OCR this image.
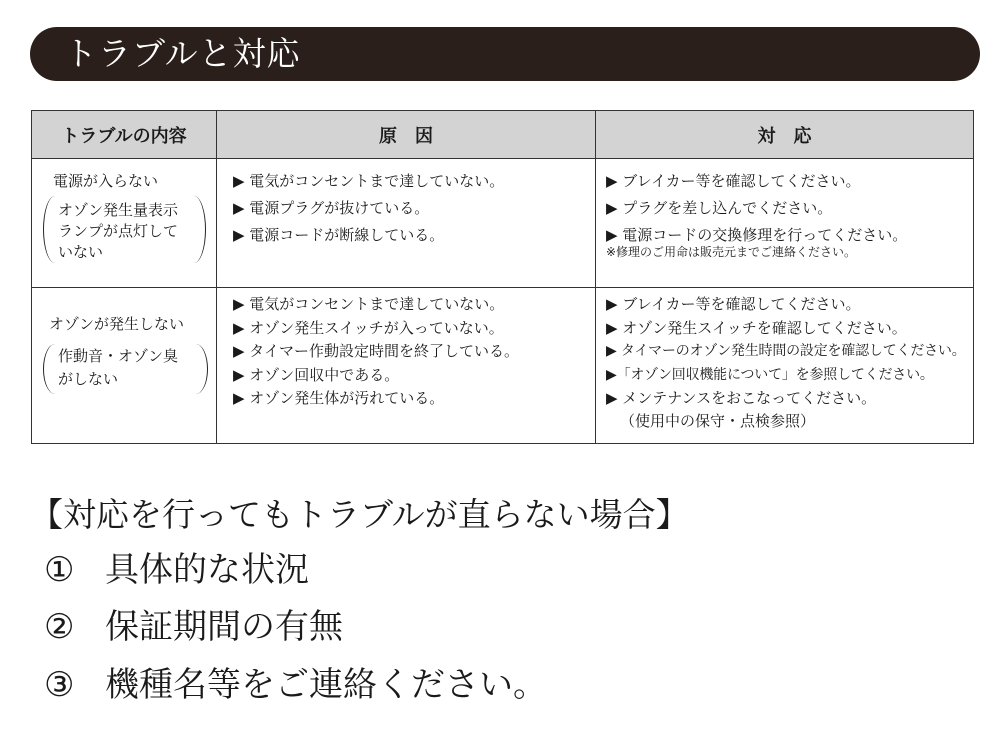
トラブルと対応
トラブルの内容	原　因	対　応
電源が入らない
オゾン発生量表示
ランプが点灯して
いない
▶ 電気がコンセントまで達していない。
▶ 電源プラグが抜けている。
▶ 電源コードが断線している。
▶ ブレイカー等を確認してください。
▶ プラグを差し込んでください。
▶ 電源コードの交換修理を行ってください。
※修理のご用命は販売元までご連絡ください。
オゾンが発生しない
作動音・オゾン臭
がしない
▶ 電気がコンセントまで達していない。
▶ オゾン発生スイッチが入っていない。
▶ タイマー作動設定時間を終了している。
▶ オゾン回収中である。
▶ オゾン発生体が汚れている。
▶ ブレイカー等を確認してください。
▶ オゾン発生スイッチを確認してください。
▶ タイマーのオゾン発生時間の設定を確認してください。
▶「オゾン回収機能について」を参照してください。
▶ メンテナンスをおこなってください。
（使用中の保守・点検参照）
【対応を行ってもトラブルが直らない場合】
① 具体的な状況
② 保証期間の有無
③ 機種名等をご連絡ください。
